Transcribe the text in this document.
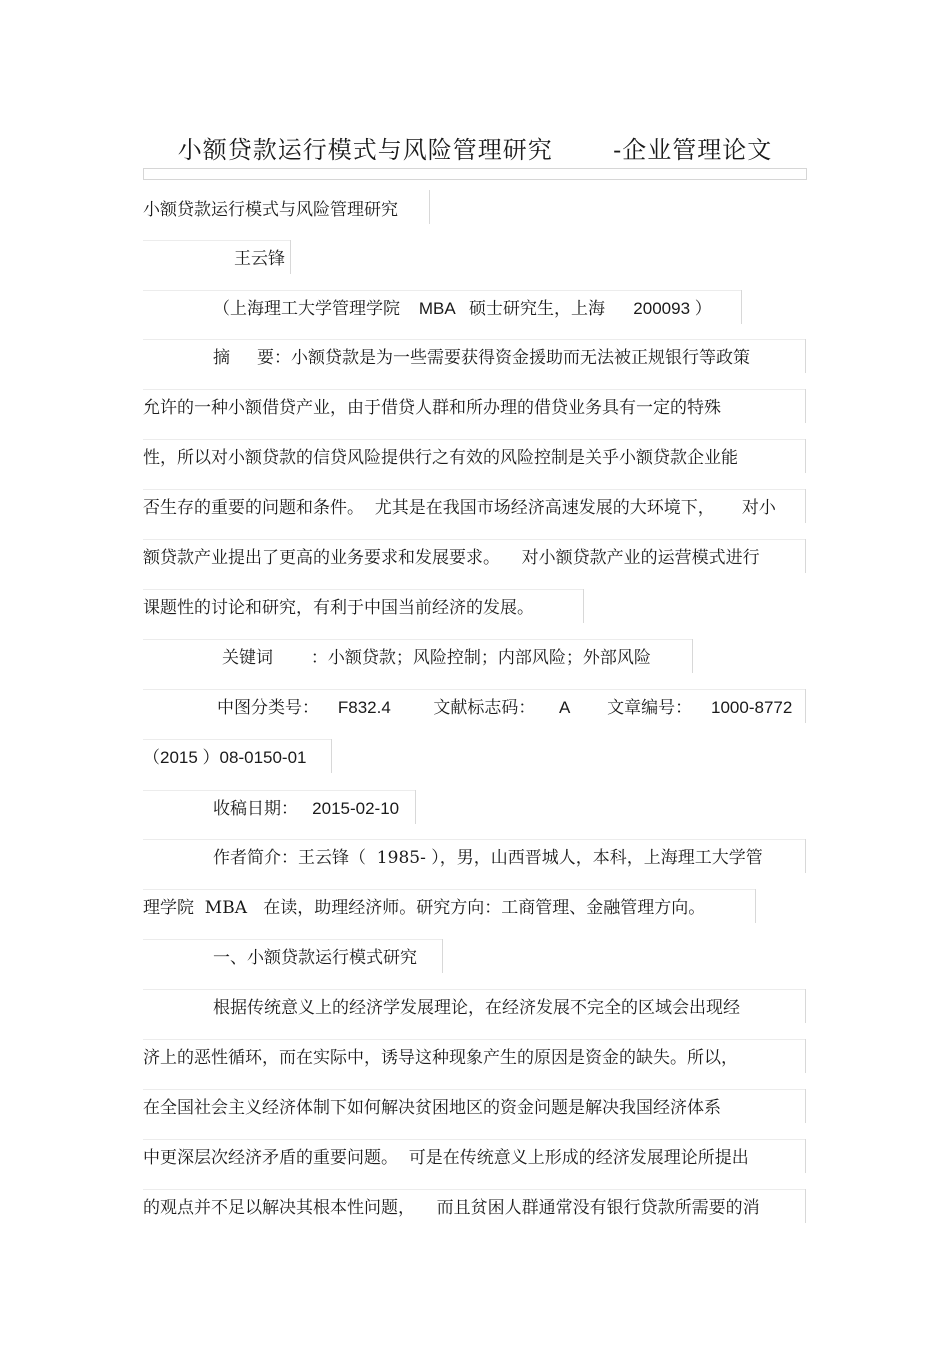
小额贷款运行模式与风险管理研究       -企业管理论文
小额贷款运行模式与风险管理研究
王云锋
（上海理工大学管理学院    MBA   硕士研究生，上海      200093 ）
摘     要：小额贷款是为一些需要获得资金援助而无法被正规银行等政策
允许的一种小额借贷产业，由于借贷人群和所办理的借贷业务具有一定的特殊
性，所以对小额贷款的信贷风险提供行之有效的风险控制是关乎小额贷款企业能
否生存的重要的问题和条件。  尤其是在我国市场经济高速发展的大环境下，     对小
额贷款产业提出了更高的业务要求和发展要求。    对小额贷款产业的运营模式进行
课题性的讨论和研究，有利于中国当前经济的发展。
关键词       ：小额贷款；风险控制；内部风险；外部风险
中图分类号：    F832.4         文献标志码：     A        文章编号：    1000-8772
（2015 ）08-0150-01
收稿日期：   2015-02-10
作者简介：王云锋（  1985- ），男，山西晋城人，本科，上海理工大学管
理学院  MBA   在读，助理经济师。研究方向：工商管理、金融管理方向。
一、小额贷款运行模式研究
根据传统意义上的经济学发展理论，在经济发展不完全的区域会出现经
济上的恶性循环，而在实际中，诱导这种现象产生的原因是资金的缺失。所以，
在全国社会主义经济体制下如何解决贫困地区的资金问题是解决我国经济体系
中更深层次经济矛盾的重要问题。  可是在传统意义上形成的经济发展理论所提出
的观点并不足以解决其根本性问题，    而且贫困人群通常没有银行贷款所需要的消
